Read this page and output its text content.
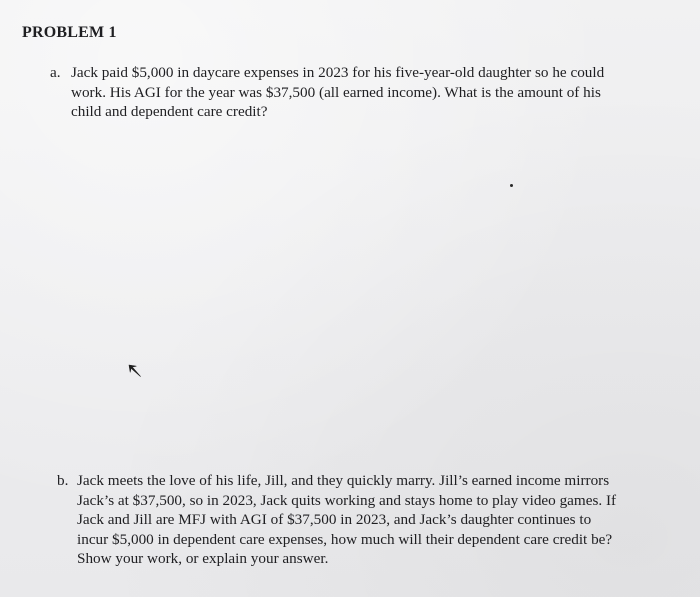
PROBLEM 1
a. Jack paid $5,000 in daycare expenses in 2023 for his five-year-old daughter so he could
work. His AGI for the year was $37,500 (all earned income). What is the amount of his
child and dependent care credit?
b. Jack meets the love of his life, Jill, and they quickly marry. Jill’s earned income mirrors
Jack’s at $37,500, so in 2023, Jack quits working and stays home to play video games. If
Jack and Jill are MFJ with AGI of $37,500 in 2023, and Jack’s daughter continues to
incur $5,000 in dependent care expenses, how much will their dependent care credit be?
Show your work, or explain your answer.
